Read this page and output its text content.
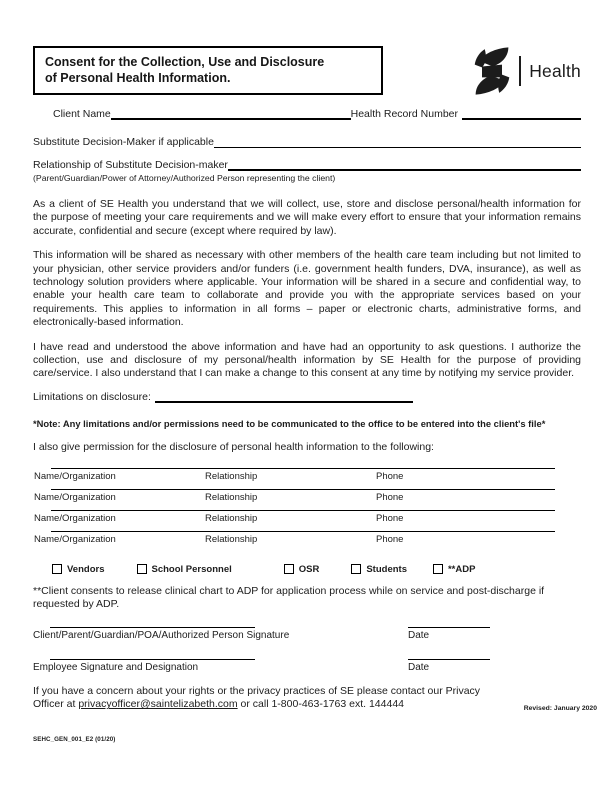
Consent for the Collection, Use and Disclosure
of Personal Health Information.	Health
Client Name	Health Record Number
Substitute Decision-Maker if applicable
Relationship of Substitute Decision-maker
(Parent/Guardian/Power of Attorney/Authorized Person representing the client)
As a client of SE Health you understand that we will collect, use, store and disclose personal/health information for the purpose of meeting your care requirements and we will make every effort to ensure that your information remains accurate, confidential and secure (except where required by law).
This information will be shared as necessary with other members of the health care team including but not limited to your physician, other service providers and/or funders (i.e. government health funders, DVA, insurance), as well as technology solution providers where applicable. Your information will be shared in a secure and confidential way, to enable your health care team to collaborate and provide you with the appropriate services based on your requirements. This applies to information in all forms – paper or electronic charts, administrative forms, and electronically-based information.
I have read and understood the above information and have had an opportunity to ask questions. I authorize the collection, use and disclosure of my personal/health information by SE Health for the purpose of providing care/service. I also understand that I can make a change to this consent at any time by notifying my service provider.
Limitations on disclosure:
*Note: Any limitations and/or permissions need to be communicated to the office to be entered into the client's file*
I also give permission for the disclosure of personal health information to the following:
Name/Organization	Relationship	Phone
Name/Organization	Relationship	Phone
Name/Organization	Relationship	Phone
Name/Organization	Relationship	Phone
Vendors	School Personnel	OSR	Students	**ADP
**Client consents to release clinical chart to ADP for application process while on service and post-discharge if requested by ADP.
Client/Parent/Guardian/POA/Authorized Person Signature	Date
Employee Signature and Designation	Date
If you have a concern about your rights or the privacy practices of SE please contact our Privacy Officer at privacyofficer@saintelizabeth.com or call 1-800-463-1763 ext. 144444	Revised: January 2020
SEHC_GEN_001_E2 (01/20)
